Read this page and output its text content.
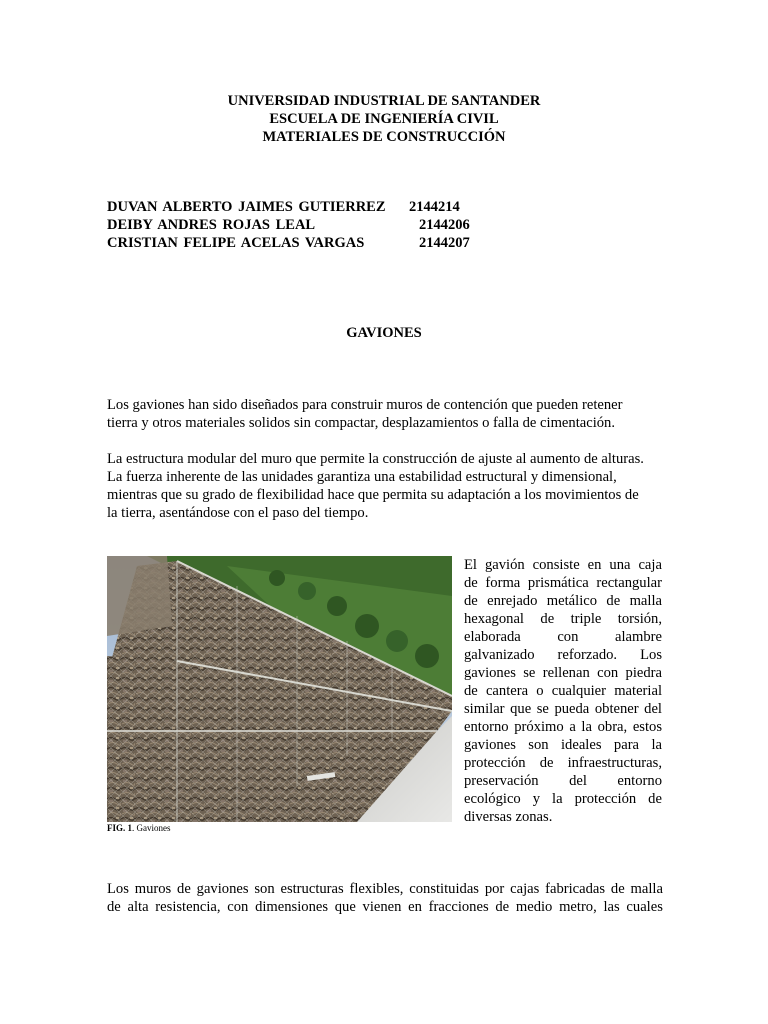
UNIVERSIDAD INDUSTRIAL DE SANTANDER
ESCUELA DE INGENIERÍA CIVIL
MATERIALES DE CONSTRUCCIÓN
DUVAN ALBERTO JAIMES GUTIERREZ 2144214
DEIBY ANDRES ROJAS LEAL	2144206
CRISTIAN FELIPE ACELAS VARGAS	2144207
GAVIONES
Los gaviones han sido diseñados para construir muros de contención que pueden retener
tierra y otros materiales solidos sin compactar, desplazamientos o falla de cimentación.
La estructura modular del muro que permite la construcción de ajuste al aumento de alturas.
La fuerza inherente de las unidades garantiza una estabilidad estructural y dimensional,
mientras que su grado de flexibilidad hace que permita su adaptación a los movimientos de
la tierra, asentándose con el paso del tiempo.
FIG. 1. Gaviones
El gavión consiste en una caja
de forma prismática rectangular
de enrejado metálico de malla
hexagonal de triple torsión,
elaborada	con	alambre
galvanizado reforzado. Los
gaviones se rellenan con piedra
de cantera o cualquier material
similar que se pueda obtener del
entorno próximo a la obra, estos
gaviones son ideales para la
protección de infraestructuras,
preservación del entorno
ecológico y la protección de
diversas zonas.
Los muros de gaviones son estructuras flexibles, constituidas por cajas fabricadas de malla
de alta resistencia, con dimensiones que vienen en fracciones de medio metro, las cuales
